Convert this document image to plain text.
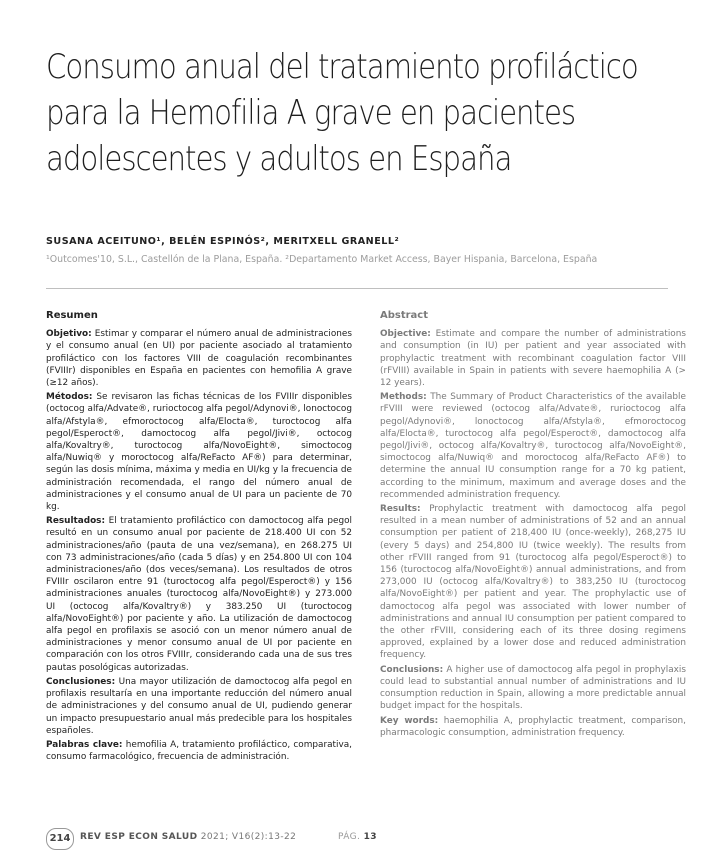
Consumo anual del tratamiento profiláctico
para la Hemofilia A grave en pacientes
adolescentes y adultos en España
SUSANA ACEITUNO¹, BELÉN ESPINÓS², MERITXELL GRANELL²
¹Outcomes'10, S.L., Castellón de la Plana, España. ²Departamento Market Access, Bayer Hispania, Barcelona, España
Resumen

Objetivo: Estimar y comparar el número anual de administraciones y el consumo anual (en UI) por paciente asociado al tratamiento profiláctico con los factores VIII de coagulación recombinantes (FVIIIr) disponibles en España en pacientes con hemofilia A grave (≥12 años).

Métodos: Se revisaron las fichas técnicas de los FVIIIr disponibles (octocog alfa/Advate®, rurioctocog alfa pegol/Adynovi®, lonoctocog alfa/Afstyla®, efmoroctocog alfa/Elocta®, turoctocog alfa pegol/Esperoct®, damoctocog alfa pegol/Jivi®, octocog alfa/Kovaltry®, turoctocog alfa/NovoEight®, simoctocog alfa/Nuwiq® y moroctocog alfa/ReFacto AF®) para determinar, según las dosis mínima, máxima y media en UI/kg y la frecuencia de administración recomendada, el rango del número anual de administraciones y el consumo anual de UI para un paciente de 70 kg.

Resultados: El tratamiento profiláctico con damoctocog alfa pegol resultó en un consumo anual por paciente de 218.400 UI con 52 administraciones/año (pauta de una vez/semana), en 268.275 UI con 73 administraciones/año (cada 5 días) y en 254.800 UI con 104 administraciones/año (dos veces/semana). Los resultados de otros FVIIIr oscilaron entre 91 (turoctocog alfa pegol/Esperoct®) y 156 administraciones anuales (turoctocog alfa/NovoEight®) y 273.000 UI (octocog alfa/Kovaltry®) y 383.250 UI (turoctocog alfa/NovoEight®) por paciente y año. La utilización de damoctocog alfa pegol en profilaxis se asoció con un menor número anual de administraciones y menor consumo anual de UI por paciente en comparación con los otros FVIIIr, considerando cada una de sus tres pautas posológicas autorizadas.

Conclusiones: Una mayor utilización de damoctocog alfa pegol en profilaxis resultaría en una importante reducción del número anual de administraciones y del consumo anual de UI, pudiendo generar un impacto presupuestario anual más predecible para los hospitales españoles.

Palabras clave: hemofilia A, tratamiento profiláctico, comparativa, consumo farmacológico, frecuencia de administración.

Abstract

Objective: Estimate and compare the number of administrations and consumption (in IU) per patient and year associated with prophylactic treatment with recombinant coagulation factor VIII (rFVIII) available in Spain in patients with severe haemophilia A (> 12 years).

Methods: The Summary of Product Characteristics of the available rFVIII were reviewed (octocog alfa/Advate®, rurioctocog alfa pegol/Adynovi®, lonoctocog alfa/Afstyla®, efmoroctocog alfa/Elocta®, turoctocog alfa pegol/Esperoct®, damoctocog alfa pegol/Jivi®, octocog alfa/Kovaltry®, turoctocog alfa/NovoEight®, simoctocog alfa/Nuwiq® and moroctocog alfa/ReFacto AF®) to determine the annual IU consumption range for a 70 kg patient, according to the minimum, maximum and average doses and the recommended administration frequency.

Results: Prophylactic treatment with damoctocog alfa pegol resulted in a mean number of administrations of 52 and an annual consumption per patient of 218,400 IU (once-weekly), 268,275 IU (every 5 days) and 254,800 IU (twice weekly). The results from other rFVIII ranged from 91 (turoctocog alfa pegol/Esperoct®) to 156 (turoctocog alfa/NovoEight®) annual administrations, and from 273,000 IU (octocog alfa/Kovaltry®) to 383,250 IU (turoctocog alfa/NovoEight®) per patient and year. The prophylactic use of damoctocog alfa pegol was associated with lower number of administrations and annual IU consumption per patient compared to the other rFVIII, considering each of its three dosing regimens approved, explained by a lower dose and reduced administration frequency.

Conclusions: A higher use of damoctocog alfa pegol in prophylaxis could lead to substantial annual number of administrations and IU consumption reduction in Spain, allowing a more predictable annual budget impact for the hospitals.

Key words: haemophilia A, prophylactic treatment, comparison, pharmacologic consumption, administration frequency.

214	REV ESP ECON SALUD 2021; V16(2):13-22	PÁG. 13
